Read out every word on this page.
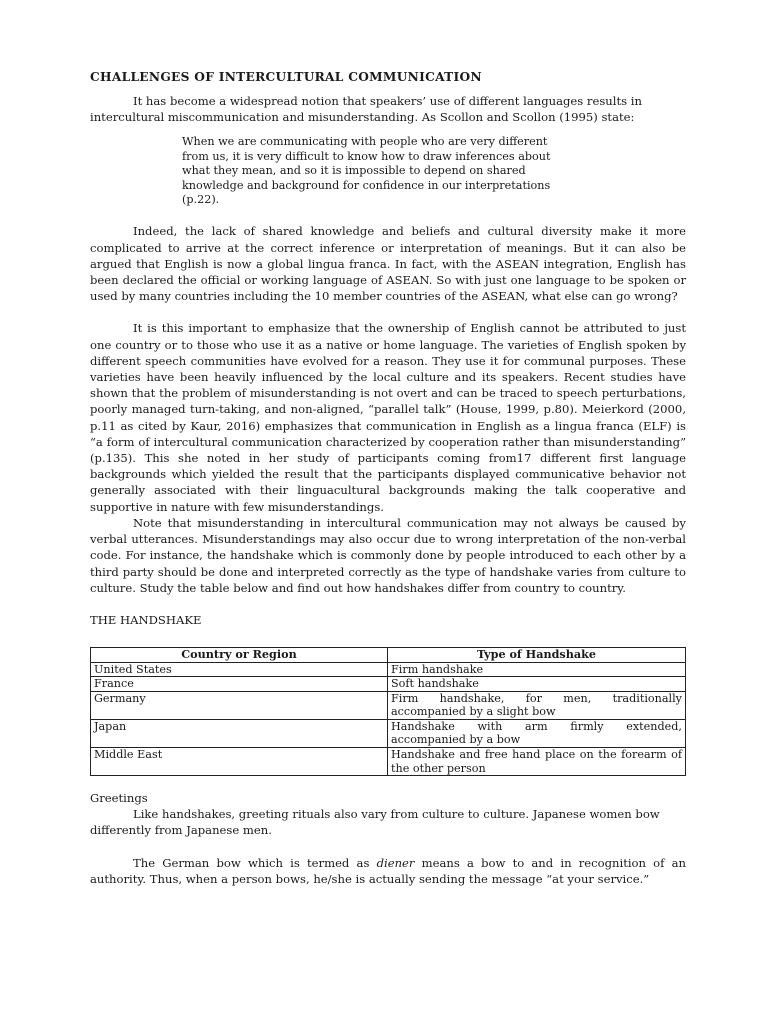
CHALLENGES OF INTERCULTURAL COMMUNICATION

It has become a widespread notion that speakers’ use of different languages results in intercultural miscommunication and misunderstanding. As Scollon and Scollon (1995) state:

When we are communicating with people who are very different from us, it is very difficult to know how to draw inferences about what they mean, and so it is impossible to depend on shared knowledge and background for confidence in our interpretations (p.22).

Indeed, the lack of shared knowledge and beliefs and cultural diversity make it more complicated to arrive at the correct inference or interpretation of meanings. But it can also be argued that English is now a global lingua franca. In fact, with the ASEAN integration, English has been declared the official or working language of ASEAN. So with just one language to be spoken or used by many countries including the 10 member countries of the ASEAN, what else can go wrong?

It is this important to emphasize that the ownership of English cannot be attributed to just one country or to those who use it as a native or home language. The varieties of English spoken by different speech communities have evolved for a reason. They use it for communal purposes. These varieties have been heavily influenced by the local culture and its speakers. Recent studies have shown that the problem of misunderstanding is not overt and can be traced to speech perturbations, poorly managed turn-taking, and non-aligned, “parallel talk” (House, 1999, p.80). Meierkord (2000, p.11 as cited by Kaur, 2016) emphasizes that communication in English as a lingua franca (ELF) is “a form of intercultural communication characterized by cooperation rather than misunderstanding” (p.135). This she noted in her study of participants coming from17 different first language backgrounds which yielded the result that the participants displayed communicative behavior not generally associated with their linguacultural backgrounds making the talk cooperative and supportive in nature with few misunderstandings.

Note that misunderstanding in intercultural communication may not always be caused by verbal utterances. Misunderstandings may also occur due to wrong interpretation of the non-verbal code. For instance, the handshake which is commonly done by people introduced to each other by a third party should be done and interpreted correctly as the type of handshake varies from culture to culture. Study the table below and find out how handshakes differ from country to country.

THE HANDSHAKE

Country or Region	Type of Handshake
United States	Firm handshake
France	Soft handshake
Germany	Firm handshake, for men, traditionally accompanied by a slight bow
Japan	Handshake with arm firmly extended, accompanied by a bow
Middle East	Handshake and free hand place on the forearm of the other person

Greetings

Like handshakes, greeting rituals also vary from culture to culture. Japanese women bow differently from Japanese men.

The German bow which is termed as diener means a bow to and in recognition of an authority. Thus, when a person bows, he/she is actually sending the message “at your service.”
